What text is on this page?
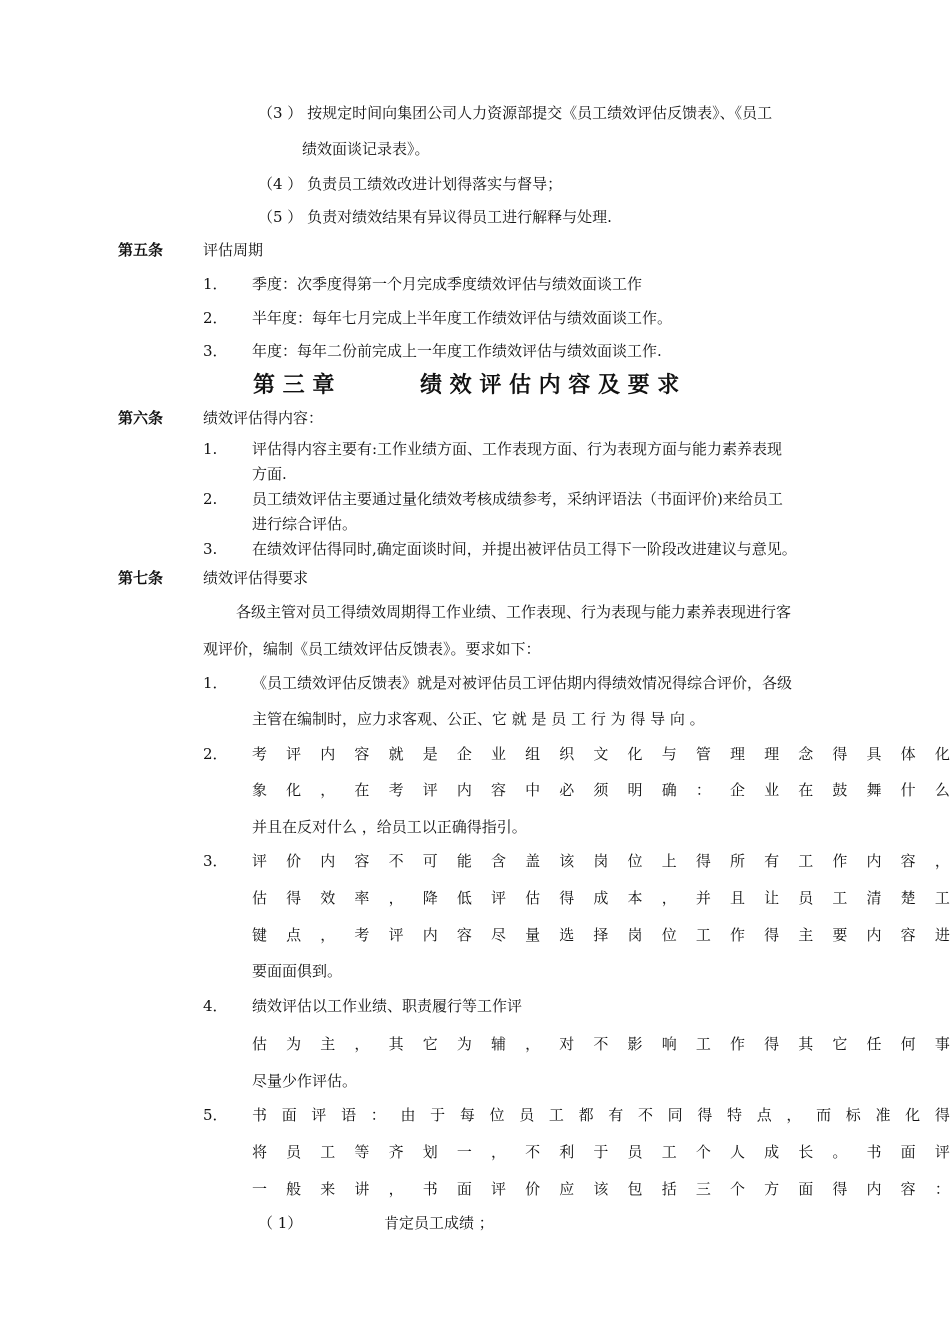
（3 ） 按规定时间向集团公司人力资源部提交《员工绩效评估反馈表》、《员工
绩效面谈记录表》。
（4 ） 负责员工绩效改进计划得落实与督导；
（5 ） 负责对绩效结果有异议得员工进行解释与处理.
第五条	评估周期
1． 季度：次季度得第一个月完成季度绩效评估与绩效面谈工作
2． 半年度：每年七月完成上半年度工作绩效评估与绩效面谈工作。
3． 年度：每年二份前完成上一年度工作绩效评估与绩效面谈工作.
第 三 章	绩 效 评 估 内 容 及 要 求
第六条	绩效评估得内容：
1. 评估得内容主要有:工作业绩方面、工作表现方面、行为表现方面与能力素养表现
方面.
2. 员工绩效评估主要通过量化绩效考核成绩参考，采纳评语法（书面评价)来给员工
进行综合评估。
3. 在绩效评估得同时,确定面谈时间，并提出被评估员工得下一阶段改进建议与意见。
第七条	绩效评估得要求
各级主管对员工得绩效周期得工作业绩、工作表现、行为表现与能力素养表现进行客
观评价，编制《员工绩效评估反馈表》。要求如下：
1． 《员工绩效评估反馈表》就是对被评估员工评估期内得绩效情况得综合评价，各级
主管在编制时，应力求客观、公正、它 就 是 员 工 行 为 得 导 向 。
2． 考 评 内 容 就 是 企 业 组 织 文 化 与 管 理 理 念 得 具 体 化
象 化 ， 在 考 评 内 容 中 必 须 明 确 ： 企 业 在 鼓 舞 什 么
并且在反对什么 ，给员工以正确得指引。
3． 评 价 内 容 不 可 能 含 盖 该 岗 位 上 得 所 有 工 作 内 容 ，
估 得 效 率 ， 降 低 评 估 得 成 本 ， 并 且 让 员 工 清 楚 工
键 点 ， 考 评 内 容 尽 量 选 择 岗 位 工 作 得 主 要 内 容 进
要面面俱到。
4． 绩效评估以工作业绩、职责履行等工作评
估 为 主 ， 其 它 为 辅 ， 对 不 影 响 工 作 得 其 它 任 何 事
尽量少作评估。
5． 书 面 评 语 ： 由 于 每 位 员 工 都 有 不 同 得 特 点 ， 而 标 准 化 得
将 员 工 等 齐 划 一 ， 不 利 于 员 工 个 人 成 长 。 书 面 评
一 般 来 讲 ， 书 面 评 价 应 该 包 括 三 个 方 面 得 内 容 ：
（ 1）	肯定员工成绩 ；
